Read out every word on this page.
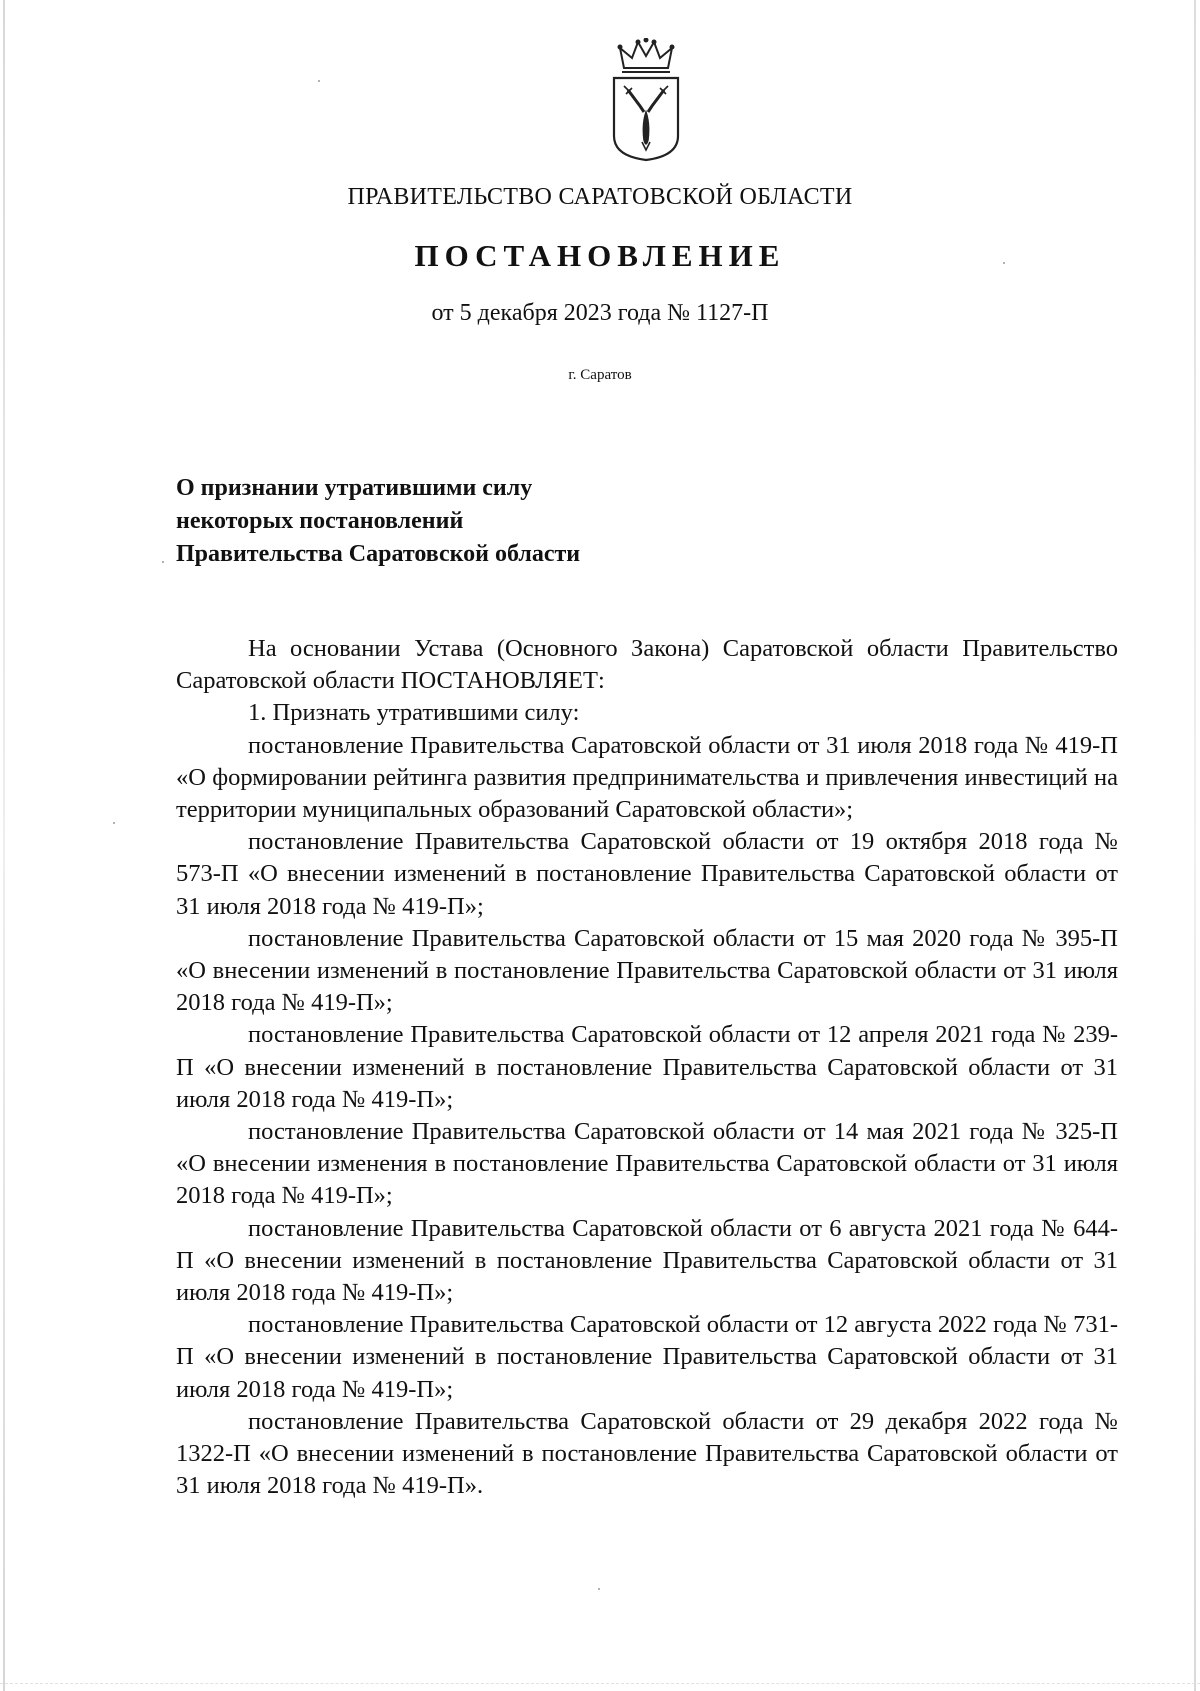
ПРАВИТЕЛЬСТВО САРАТОВСКОЙ ОБЛАСТИ
ПОСТАНОВЛЕНИЕ
от 5 декабря 2023 года № 1127-П
г. Саратов
О признании утратившими силу
некоторых постановлений
Правительства Саратовской области

На основании Устава (Основного Закона) Саратовской области Правительство Саратовской области ПОСТАНОВЛЯЕТ:

1. Признать утратившими силу:

постановление Правительства Саратовской области от 31 июля 2018 года № 419-П «О формировании рейтинга развития предпринимательства и привлечения инвестиций на территории муниципальных образований Саратовской области»;

постановление Правительства Саратовской области от 19 октября 2018 года № 573-П «О внесении изменений в постановление Правительства Саратовской области от 31 июля 2018 года № 419-П»;

постановление Правительства Саратовской области от 15 мая 2020 года № 395-П «О внесении изменений в постановление Правительства Саратовской области от 31 июля 2018 года № 419-П»;

постановление Правительства Саратовской области от 12 апреля 2021 года № 239-П «О внесении изменений в постановление Правительства Саратовской области от 31 июля 2018 года № 419-П»;

постановление Правительства Саратовской области от 14 мая 2021 года № 325-П «О внесении изменения в постановление Правительства Саратовской области от 31 июля 2018 года № 419-П»;

постановление Правительства Саратовской области от 6 августа 2021 года № 644-П «О внесении изменений в постановление Правительства Саратовской области от 31 июля 2018 года № 419-П»;

постановление Правительства Саратовской области от 12 августа 2022 года № 731-П «О внесении изменений в постановление Правительства Саратовской области от 31 июля 2018 года № 419-П»;

постановление Правительства Саратовской области от 29 декабря 2022 года № 1322-П «О внесении изменений в постановление Правительства Саратовской области от 31 июля 2018 года № 419-П».
